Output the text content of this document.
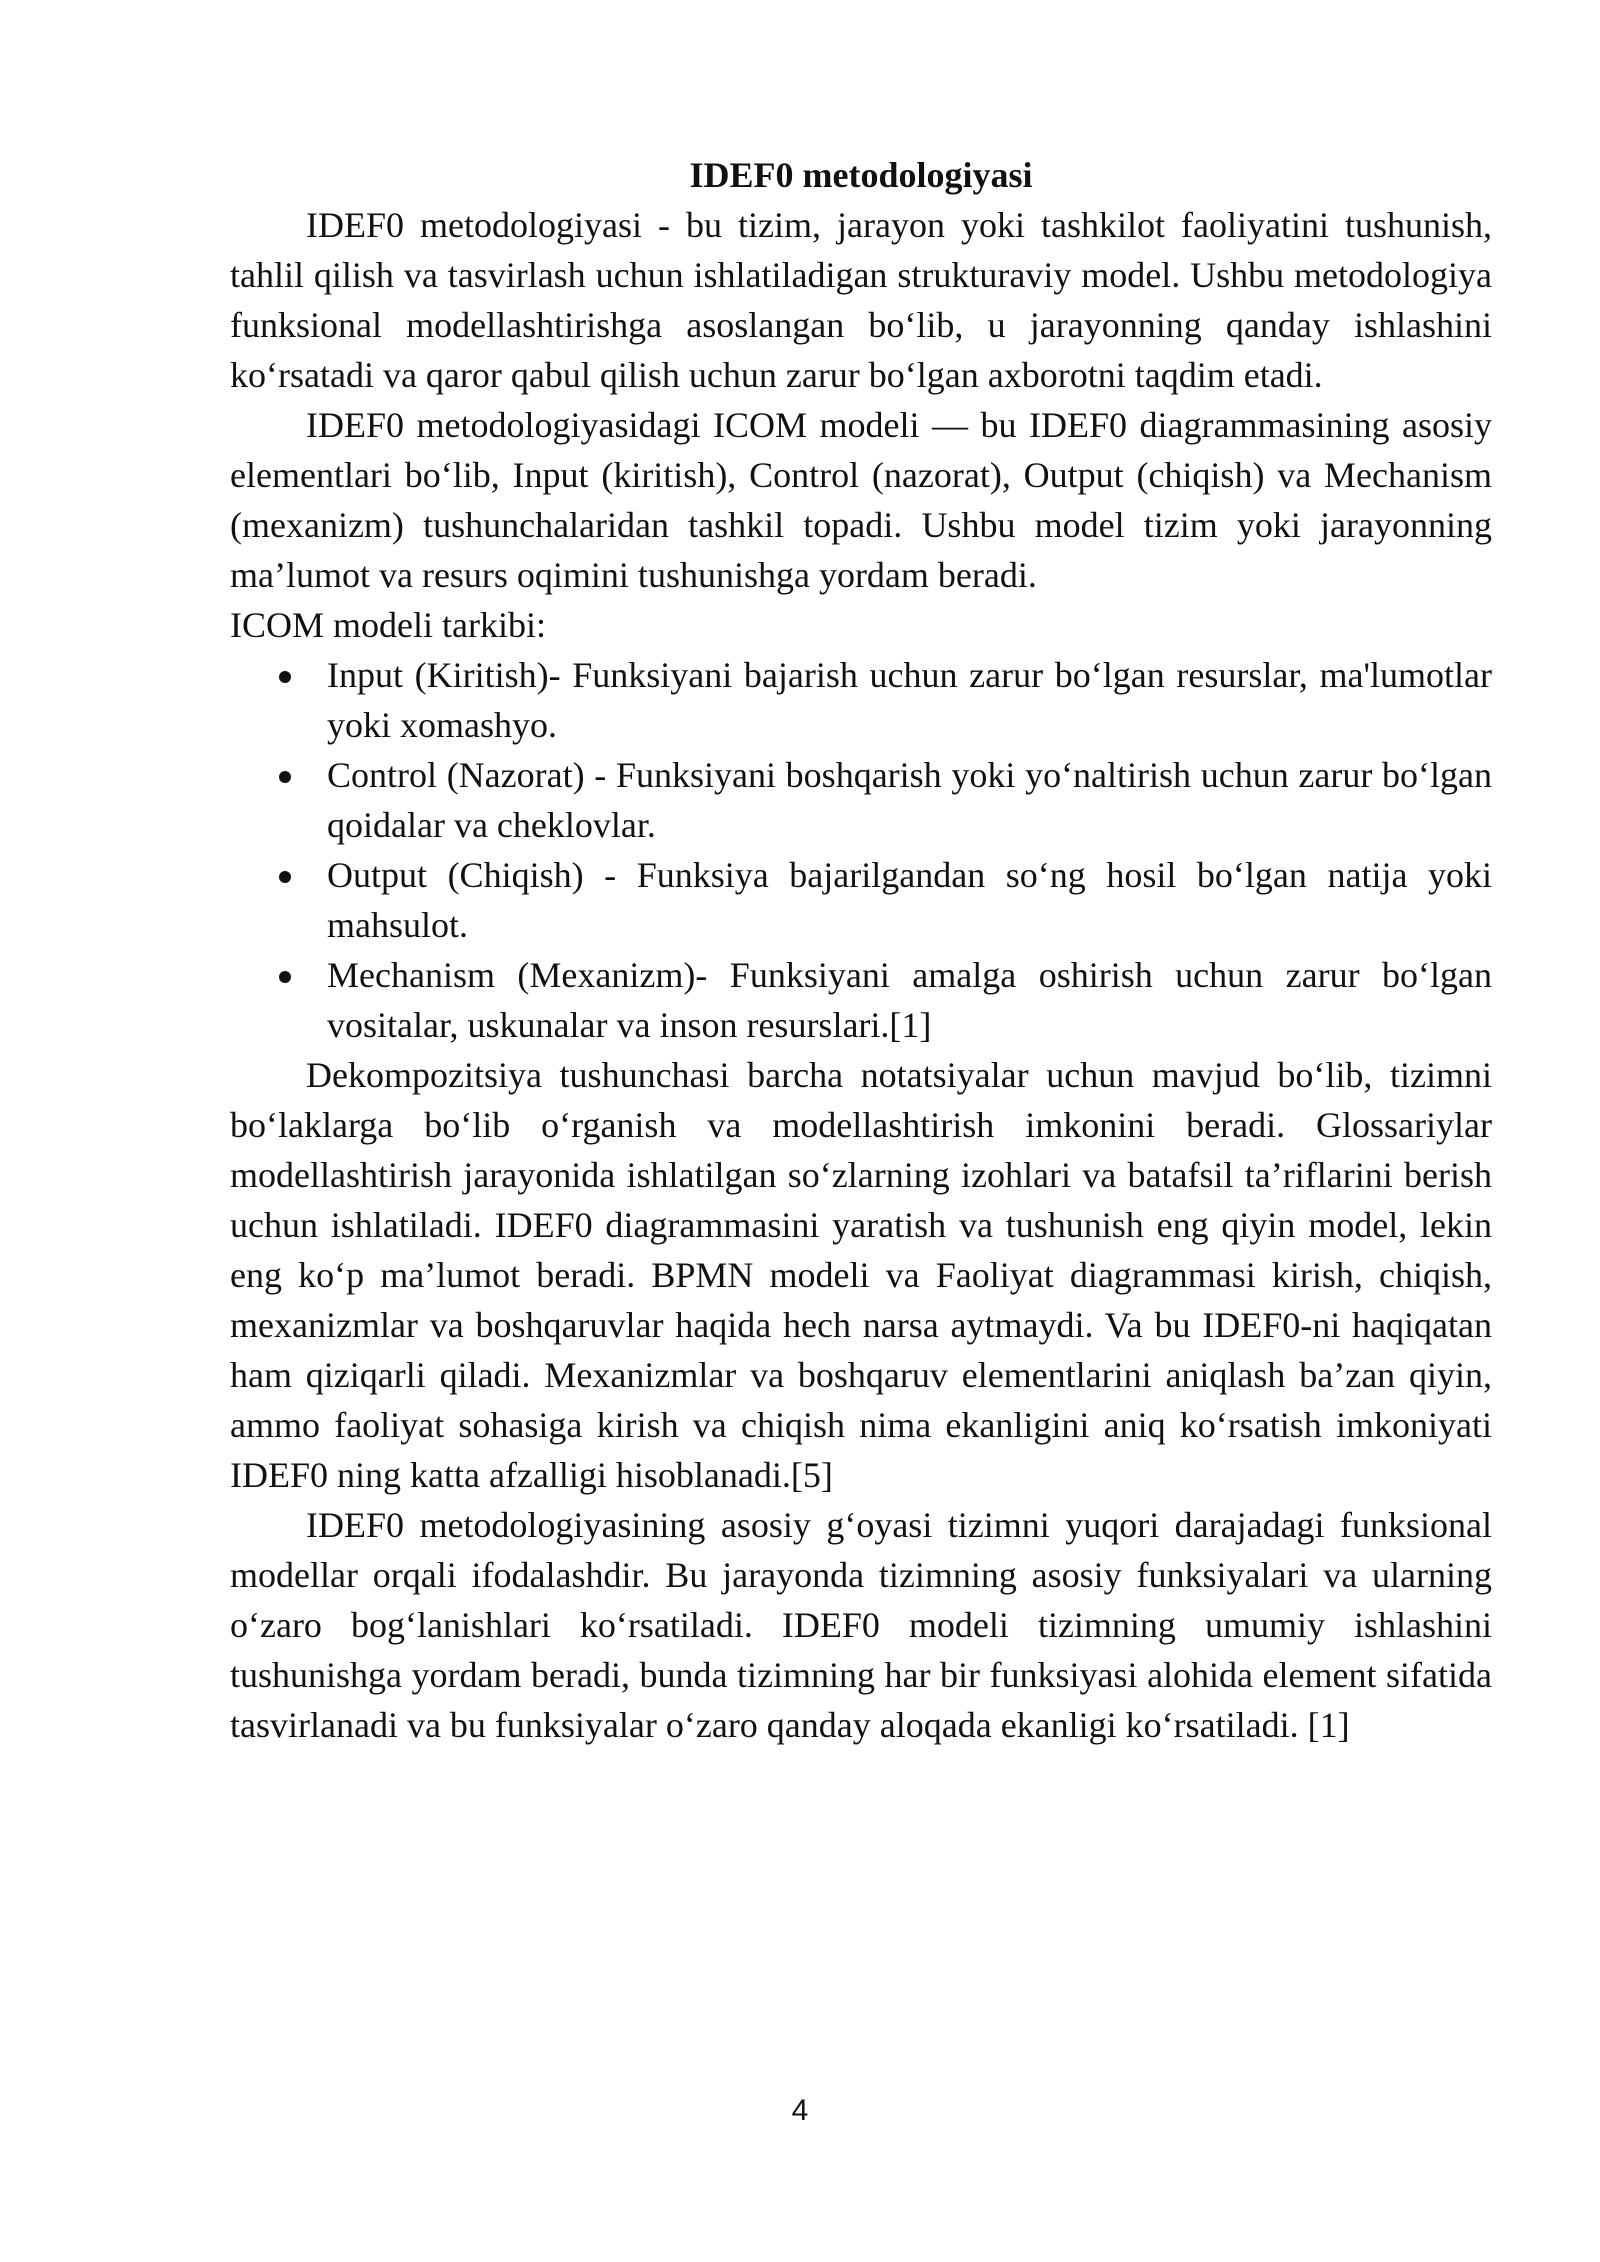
IDEF0 metodologiyasi

IDEF0 metodologiyasi - bu tizim, jarayon yoki tashkilot faoliyatini tushunish, tahlil qilish va tasvirlash uchun ishlatiladigan strukturaviy model. Ushbu metodologiya funksional modellashtirishga asoslangan bo‘lib, u jarayonning qanday ishlashini ko‘rsatadi va qaror qabul qilish uchun zarur bo‘lgan axborotni taqdim etadi.

IDEF0 metodologiyasidagi ICOM modeli — bu IDEF0 diagrammasining asosiy elementlari bo‘lib, Input (kiritish), Control (nazorat), Output (chiqish) va Mechanism (mexanizm) tushunchalaridan tashkil topadi. Ushbu model tizim yoki jarayonning ma’lumot va resurs oqimini tushunishga yordam beradi.

ICOM modeli tarkibi:

Input (Kiritish)- Funksiyani bajarish uchun zarur bo‘lgan resurslar, ma'lumotlar yoki xomashyo.
Control (Nazorat) - Funksiyani boshqarish yoki yo‘naltirish uchun zarur bo‘lgan qoidalar va cheklovlar.
Output (Chiqish) - Funksiya bajarilgandan so‘ng hosil bo‘lgan natija yoki mahsulot.
Mechanism (Mexanizm)- Funksiyani amalga oshirish uchun zarur bo‘lgan vositalar, uskunalar va inson resurslari.[1]

Dekompozitsiya tushunchasi barcha notatsiyalar uchun mavjud bo‘lib, tizimni bo‘laklarga bo‘lib o‘rganish va modellashtirish imkonini beradi. Glossariylar modellashtirish jarayonida ishlatilgan so‘zlarning izohlari va batafsil ta’riflarini berish uchun ishlatiladi. IDEF0 diagrammasini yaratish va tushunish eng qiyin model, lekin eng ko‘p ma’lumot beradi. BPMN modeli va Faoliyat diagrammasi kirish, chiqish, mexanizmlar va boshqaruvlar haqida hech narsa aytmaydi. Va bu IDEF0-ni haqiqatan ham qiziqarli qiladi. Mexanizmlar va boshqaruv elementlarini aniqlash ba’zan qiyin, ammo faoliyat sohasiga kirish va chiqish nima ekanligini aniq ko‘rsatish imkoniyati IDEF0 ning katta afzalligi hisoblanadi.[5]

IDEF0 metodologiyasining asosiy g‘oyasi tizimni yuqori darajadagi funksional modellar orqali ifodalashdir. Bu jarayonda tizimning asosiy funksiyalari va ularning o‘zaro bog‘lanishlari ko‘rsatiladi. IDEF0 modeli tizimning umumiy ishlashini tushunishga yordam beradi, bunda tizimning har bir funksiyasi alohida element sifatida tasvirlanadi va bu funksiyalar o‘zaro qanday aloqada ekanligi ko‘rsatiladi. [1]

4
